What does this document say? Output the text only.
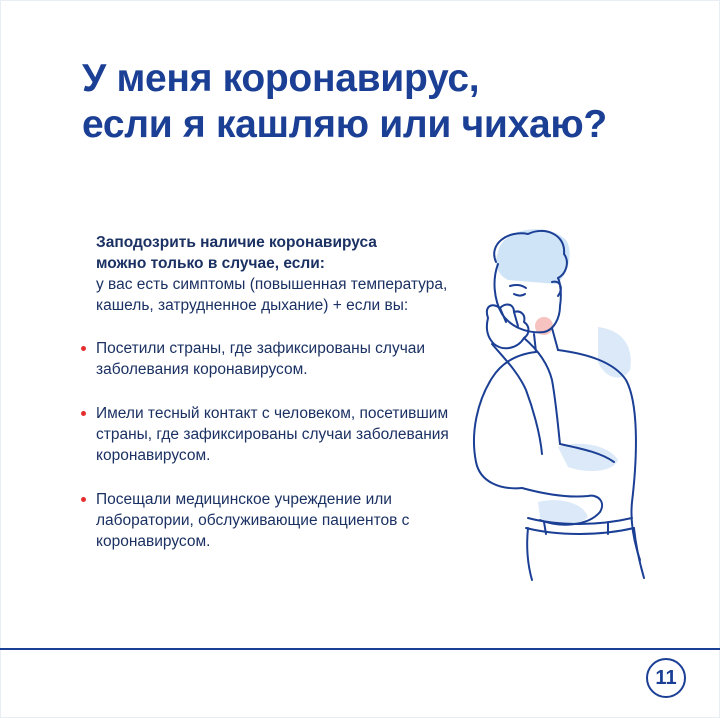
У меня коронавирус,
если я кашляю или чихаю?

Заподозрить наличие коронавируса
можно только в случае, если:

у вас есть симптомы (повышенная температура, кашель, затрудненное дыхание) + если вы:

Посетили страны, где зафиксированы случаи заболевания коронавирусом.
Имели тесный контакт с человеком, посетившим страны, где зафиксированы случаи заболевания коронавирусом.
Посещали медицинское учреждение или лаборатории, обслуживающие пациентов с коронавирусом.
11
